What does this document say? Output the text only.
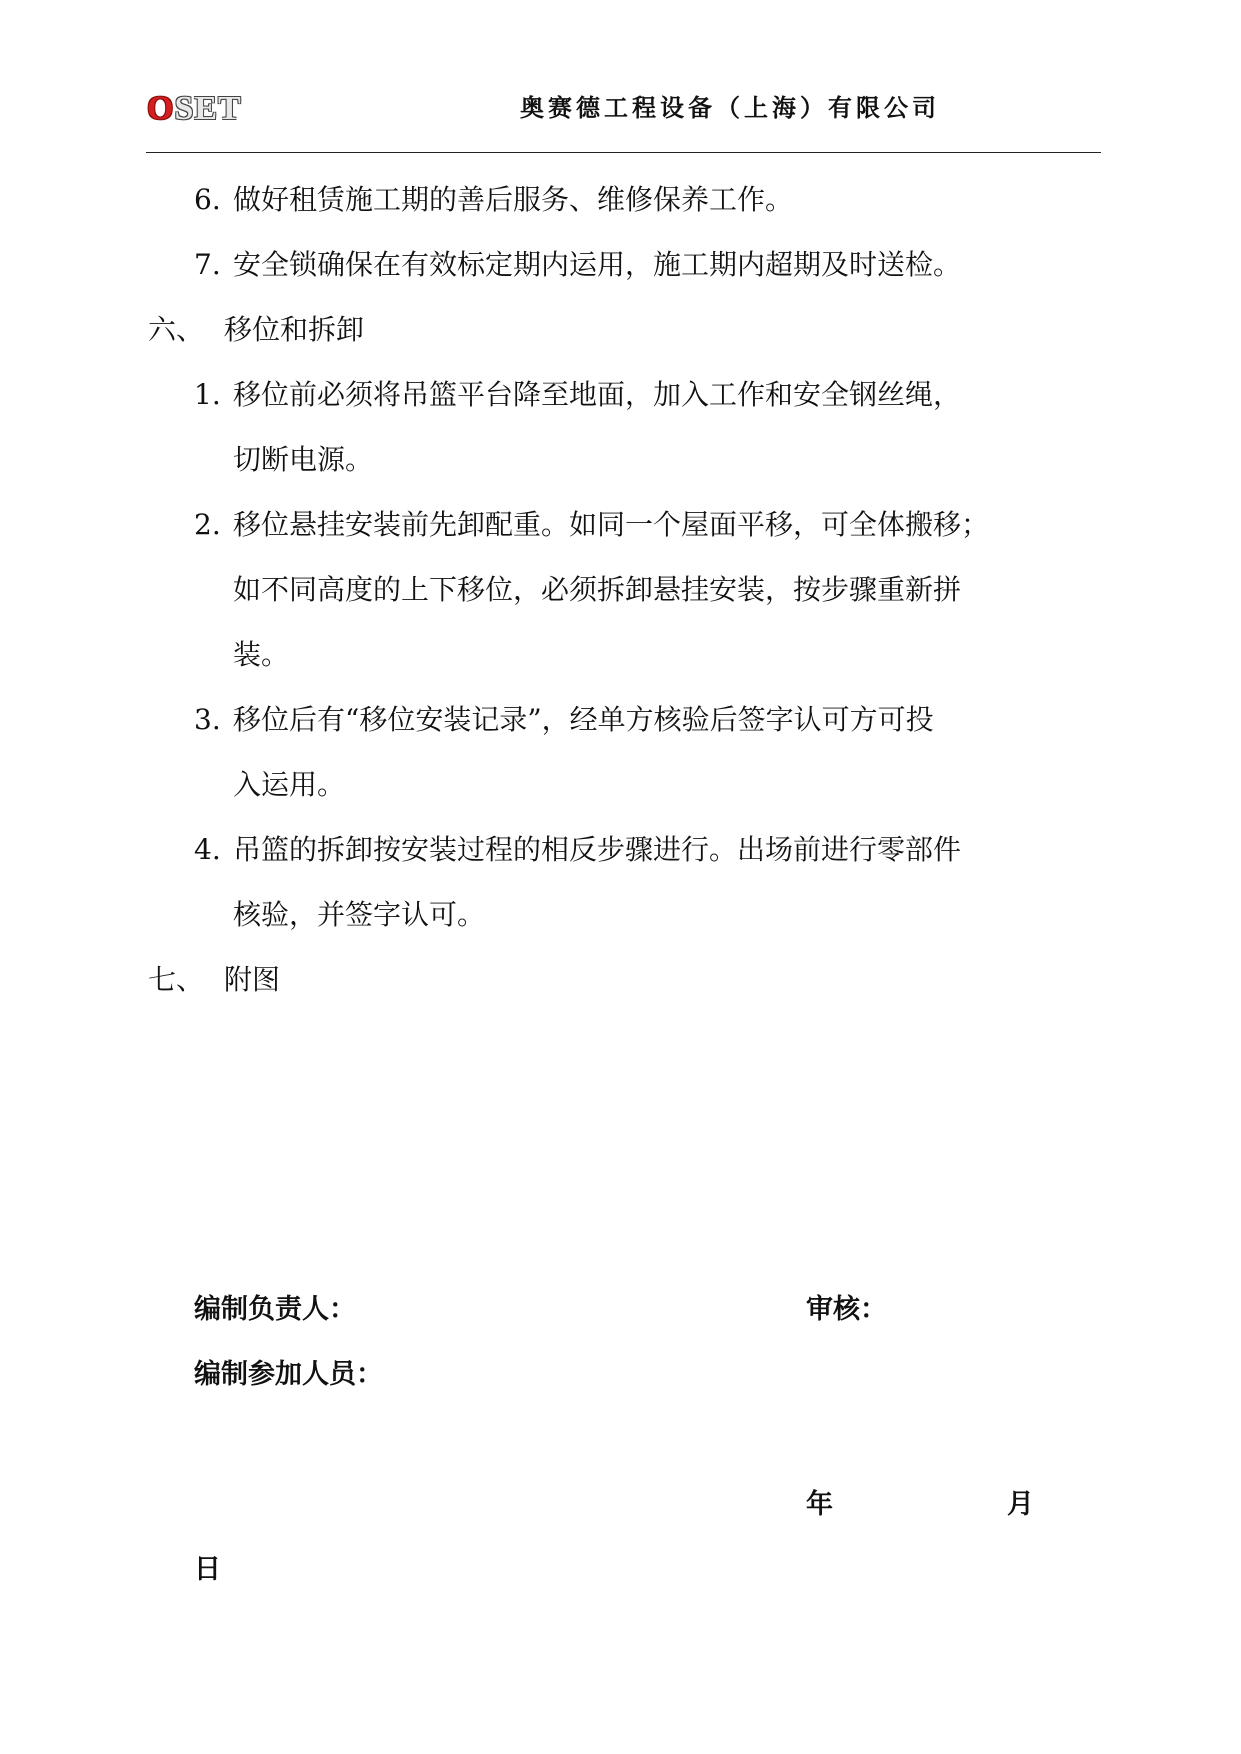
OSET	奥赛德工程设备（上海）有限公司
6. 做好租赁施工期的善后服务、维修保养工作。
7. 安全锁确保在有效标定期内运用，施工期内超期及时送检。
六、 移位和拆卸
1. 移位前必须将吊篮平台降至地面，加入工作和安全钢丝绳，
切断电源。
2. 移位悬挂安装前先卸配重。如同一个屋面平移，可全体搬移；
如不同高度的上下移位，必须拆卸悬挂安装，按步骤重新拼
装。
3. 移位后有“移位安装记录”，经单方核验后签字认可方可投
入运用。
4. 吊篮的拆卸按安装过程的相反步骤进行。出场前进行零部件
核验，并签字认可。
七、 附图
编制负责人：	审核：
编制参加人员：
年	月
日
